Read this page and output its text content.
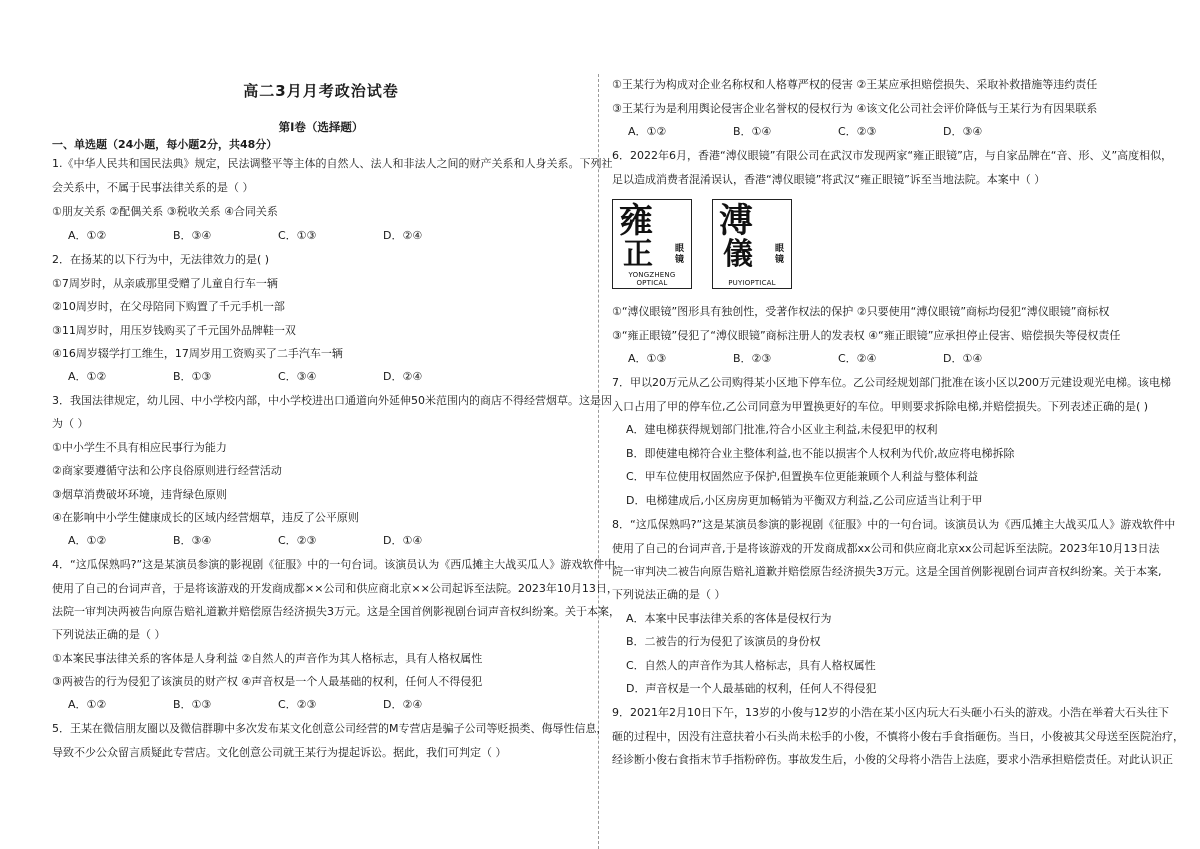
高二3月月考政治试卷
第Ⅰ卷（选择题）
一、单选题（24小题，每小题2分，共48分）
1.《中华人民共和国民法典》规定，民法调整平等主体的自然人、法人和非法人之间的财产关系和人身关系。下列社
会关系中，不属于民事法律关系的是（ ）
①朋友关系 ②配偶关系 ③税收关系 ④合同关系
A．①②	B．③④	C．①③	D．②④
2．在扬某的以下行为中，无法律效力的是( )
①7周岁时，从亲戚那里受赠了儿童自行车一辆
②10周岁时，在父母陪同下购置了千元手机一部
③11周岁时，用压岁钱购买了千元国外品牌鞋一双
④16周岁辍学打工维生，17周岁用工资购买了二手汽车一辆
A．①②	B．①③	C．③④	D．②④
3．我国法律规定，幼儿园、中小学校内部，中小学校进出口通道向外延伸50米范围内的商店不得经营烟草。这是因
为（ ）
①中小学生不具有相应民事行为能力
②商家要遵循守法和公序良俗原则进行经营活动
③烟草消费破坏环境，违背绿色原则
④在影响中小学生健康成长的区域内经营烟草，违反了公平原则
A．①②	B．③④	C．②③	D．①④
4．“这瓜保熟吗?”这是某演员参演的影视剧《征服》中的一句台词。该演员认为《西瓜摊主大战买瓜人》游戏软件中
使用了自己的台词声音，于是将该游戏的开发商成都××公司和供应商北京××公司起诉至法院。2023年10月13日，
法院一审判决两被告向原告赔礼道歉并赔偿原告经济损失3万元。这是全国首例影视剧台词声音权纠纷案。关于本案，
下列说法正确的是（ ）
①本案民事法律关系的客体是人身利益 ②自然人的声音作为其人格标志，具有人格权属性
③两被告的行为侵犯了该演员的财产权 ④声音权是一个人最基础的权利，任何人不得侵犯
A．①②	B．①③	C．②③	D．②④
5．王某在微信朋友圈以及微信群聊中多次发布某文化创意公司经营的M专营店是骗子公司等贬损类、侮辱性信息，
导致不少公众留言质疑此专营店。文化创意公司就王某行为提起诉讼。据此，我们可判定（ ）
①王某行为构成对企业名称权和人格尊严权的侵害 ②王某应承担赔偿损失、采取补救措施等违约责任
③王某行为是利用舆论侵害企业名誉权的侵权行为 ④该文化公司社会评价降低与王某行为有因果联系
A．①②	B．①④	C．②③	D．③④
6．2022年6月，香港“溥仪眼镜”有限公司在武汉市发现两家“雍正眼镜”店，与自家品牌在“音、形、义”高度相似，
足以造成消费者混淆误认，香港“溥仪眼镜”将武汉“雍正眼镜”诉至当地法院。本案中（ ）
雍
正 眼镜
YONGZHENG OPTICAL
溥
儀 眼镜
PUYIOPTICAL
①“溥仪眼镜”图形具有独创性，受著作权法的保护 ②只要使用“溥仪眼镜”商标均侵犯“溥仪眼镜”商标权
③“雍正眼镜”侵犯了“溥仪眼镜”商标注册人的发表权 ④“雍正眼镜”应承担停止侵害、赔偿损失等侵权责任
A．①③	B．②③	C．②④	D．①④
7．甲以20万元从乙公司购得某小区地下停车位。乙公司经规划部门批准在该小区以200万元建设观光电梯。该电梯
入口占用了甲的停车位,乙公司同意为甲置换更好的车位。甲则要求拆除电梯,并赔偿损失。下列表述正确的是( )
A．建电梯获得规划部门批准,符合小区业主利益,未侵犯甲的权利
B．即使建电梯符合业主整体利益,也不能以损害个人权利为代价,故应将电梯拆除
C．甲车位使用权固然应予保护,但置换车位更能兼顾个人利益与整体利益
D．电梯建成后,小区房房更加畅销为平衡双方利益,乙公司应适当让利于甲
8．“这瓜保熟吗?”这是某演员参演的影视剧《征服》中的一句台词。该演员认为《西瓜摊主大战买瓜人》游戏软件中
使用了自己的台词声音,于是将该游戏的开发商成都xx公司和供应商北京xx公司起诉至法院。2023年10月13日法
院一审判决二被告向原告赔礼道歉并赔偿原告经济损失3万元。这是全国首例影视剧台词声音权纠纷案。关于本案,
下列说法正确的是（ ）
A．本案中民事法律关系的客体是侵权行为
B．二被告的行为侵犯了该演员的身份权
C．自然人的声音作为其人格标志，具有人格权属性
D．声音权是一个人最基础的权利，任何人不得侵犯
9．2021年2月10日下午，13岁的小俊与12岁的小浩在某小区内玩大石头砸小石头的游戏。小浩在举着大石头往下
砸的过程中，因没有注意扶着小石头尚未松手的小俊，不慎将小俊右手食指砸伤。当日，小俊被其父母送至医院治疗，
经诊断小俊右食指末节手指粉碎伤。事故发生后，小俊的父母将小浩告上法庭，要求小浩承担赔偿责任。对此认识正
